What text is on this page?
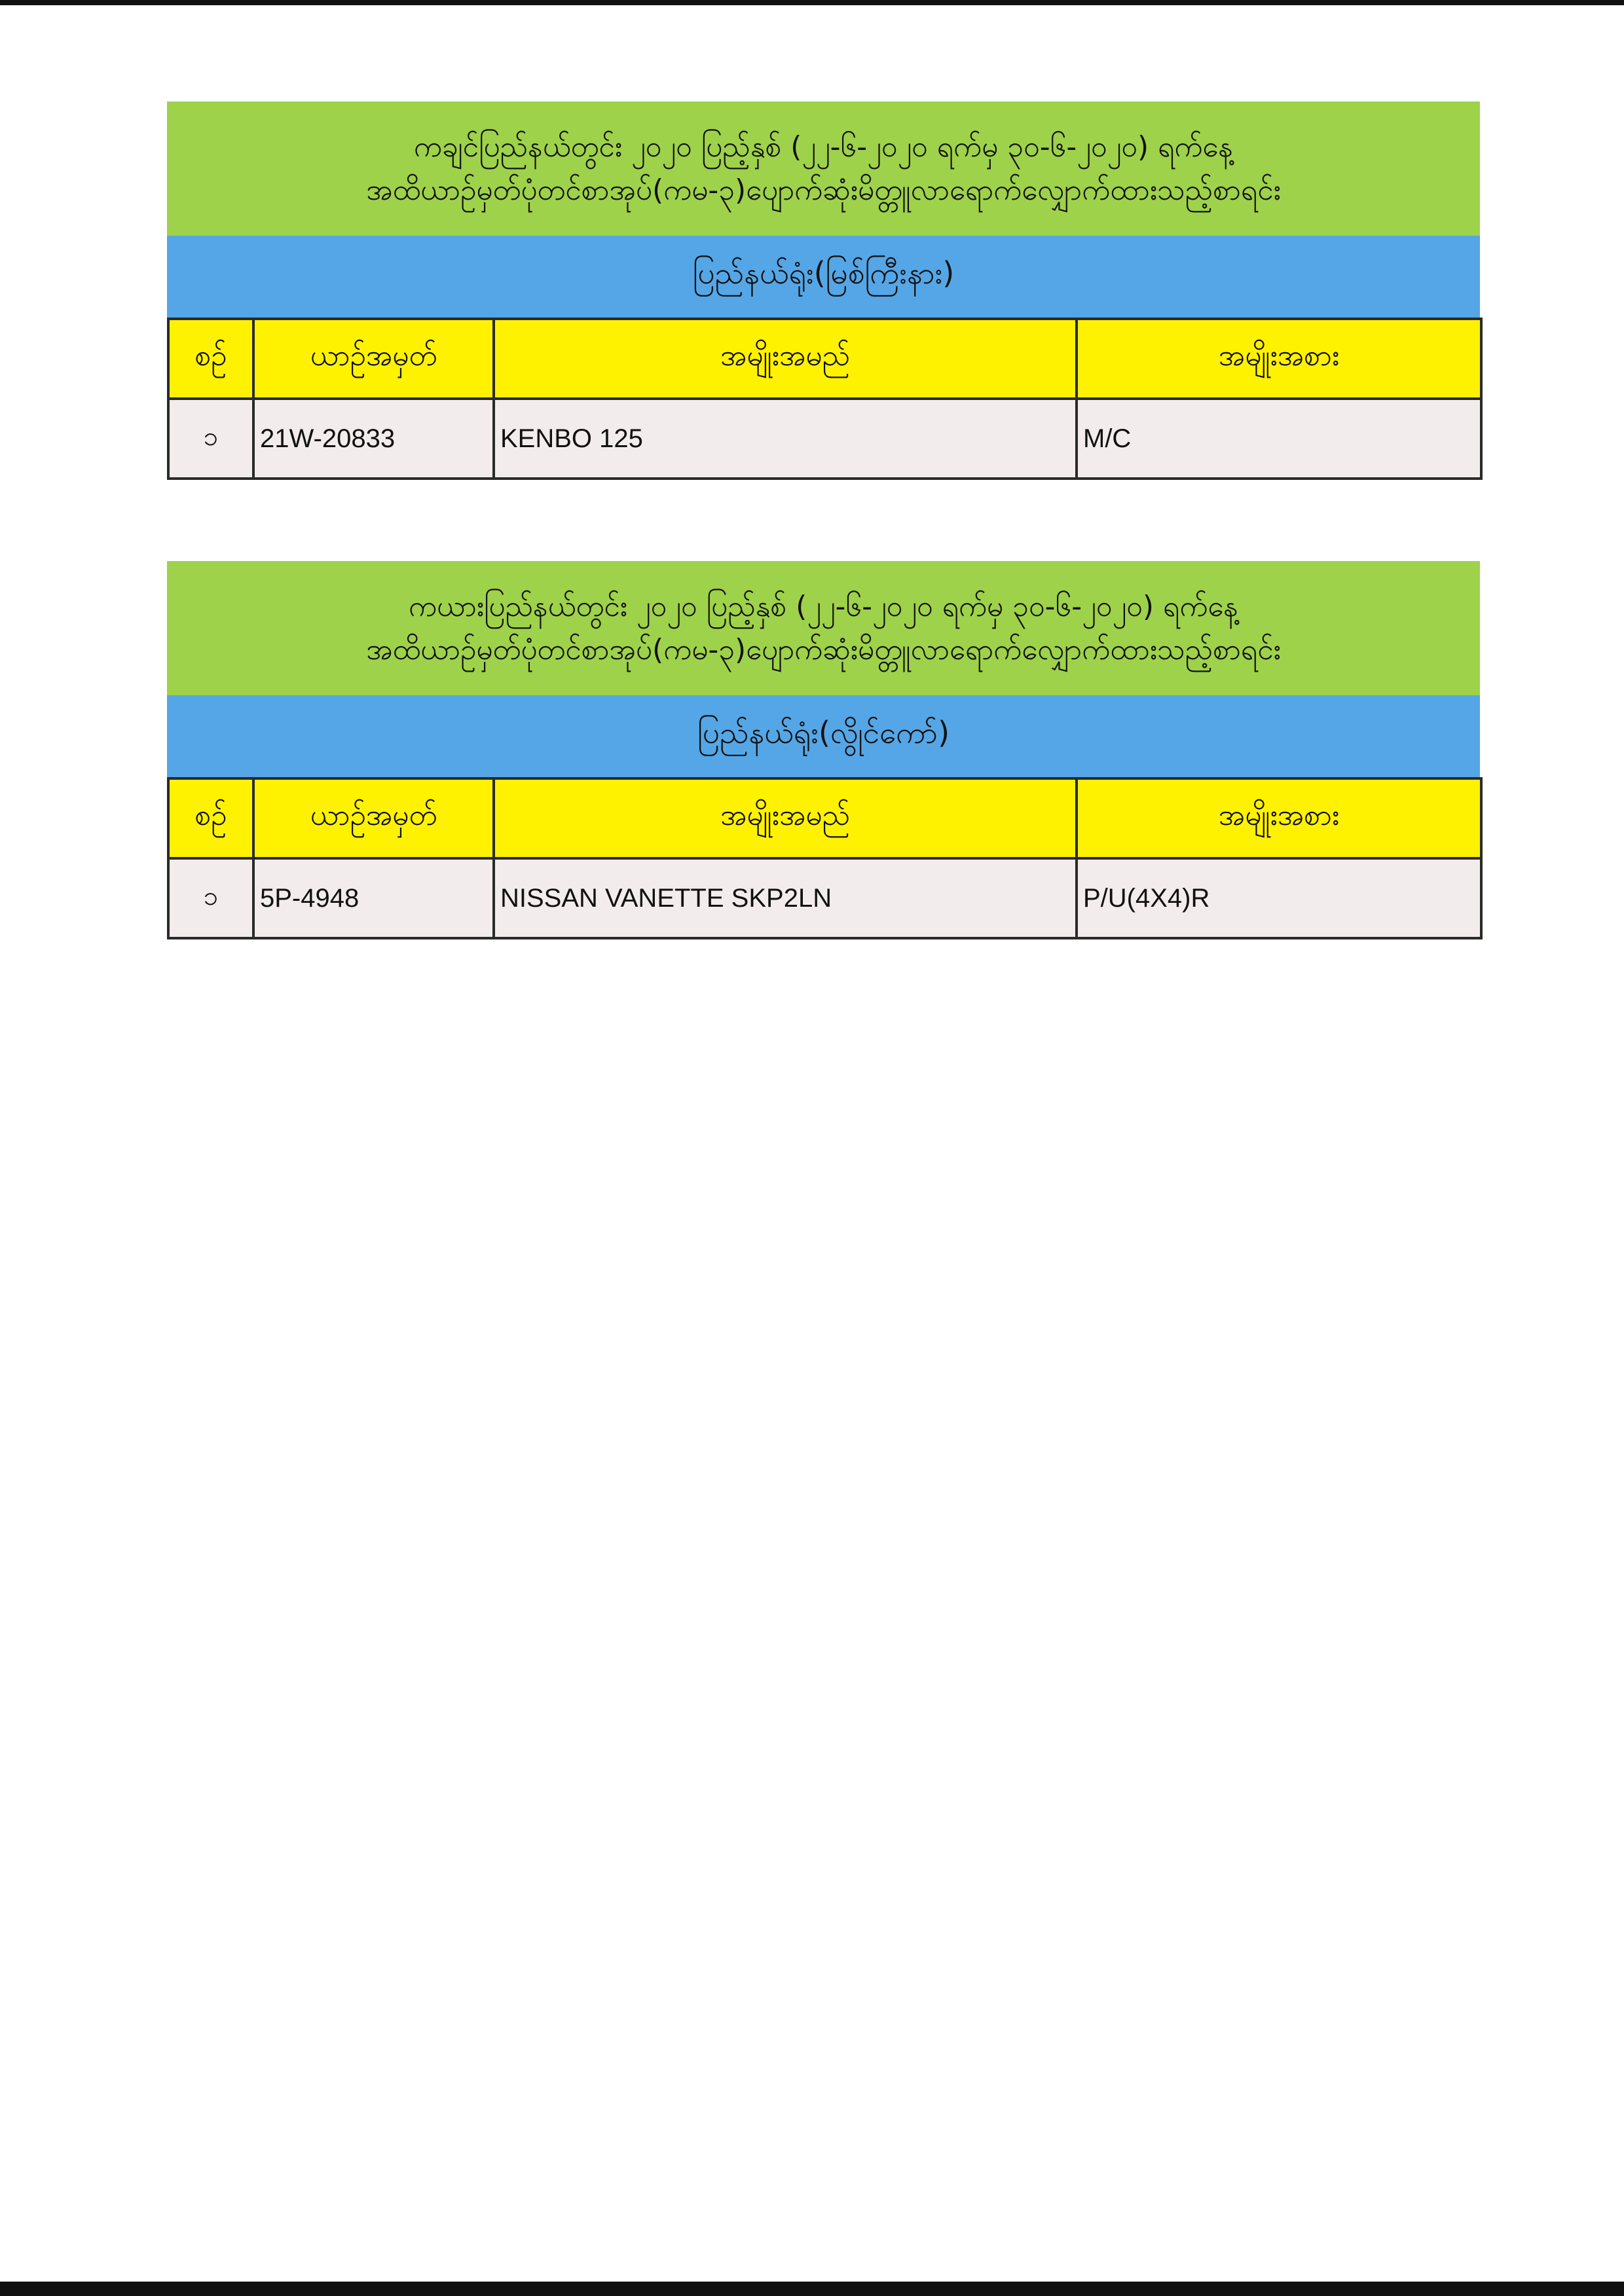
ကချင်ပြည်နယ်တွင်း ၂၀၂၀ ပြည့်နှစ် (၂၂-၆-၂၀၂၀ ရက်မှ ၃၀-၆-၂၀၂၀) ရက်နေ့
အထိယာဉ်မှတ်ပုံတင်စာအုပ်(ကမ-၃)ပျောက်ဆုံးမိတ္တူလာရောက်လျှောက်ထားသည့်စာရင်း
ပြည်နယ်ရုံး(မြစ်ကြီးနား)
စဉ်	ယာဉ်အမှတ်	အမျိုးအမည်	အမျိုးအစား
၁	21W-20833	KENBO 125	M/C
ကယားပြည်နယ်တွင်း ၂၀၂၀ ပြည့်နှစ် (၂၂-၆-၂၀၂၀ ရက်မှ ၃၀-၆-၂၀၂၀) ရက်နေ့
အထိယာဉ်မှတ်ပုံတင်စာအုပ်(ကမ-၃)ပျောက်ဆုံးမိတ္တူလာရောက်လျှောက်ထားသည့်စာရင်း
ပြည်နယ်ရုံး(လွိုင်ကော်)
စဉ်	ယာဉ်အမှတ်	အမျိုးအမည်	အမျိုးအစား
၁	5P-4948	NISSAN VANETTE SKP2LN	P/U(4X4)R
